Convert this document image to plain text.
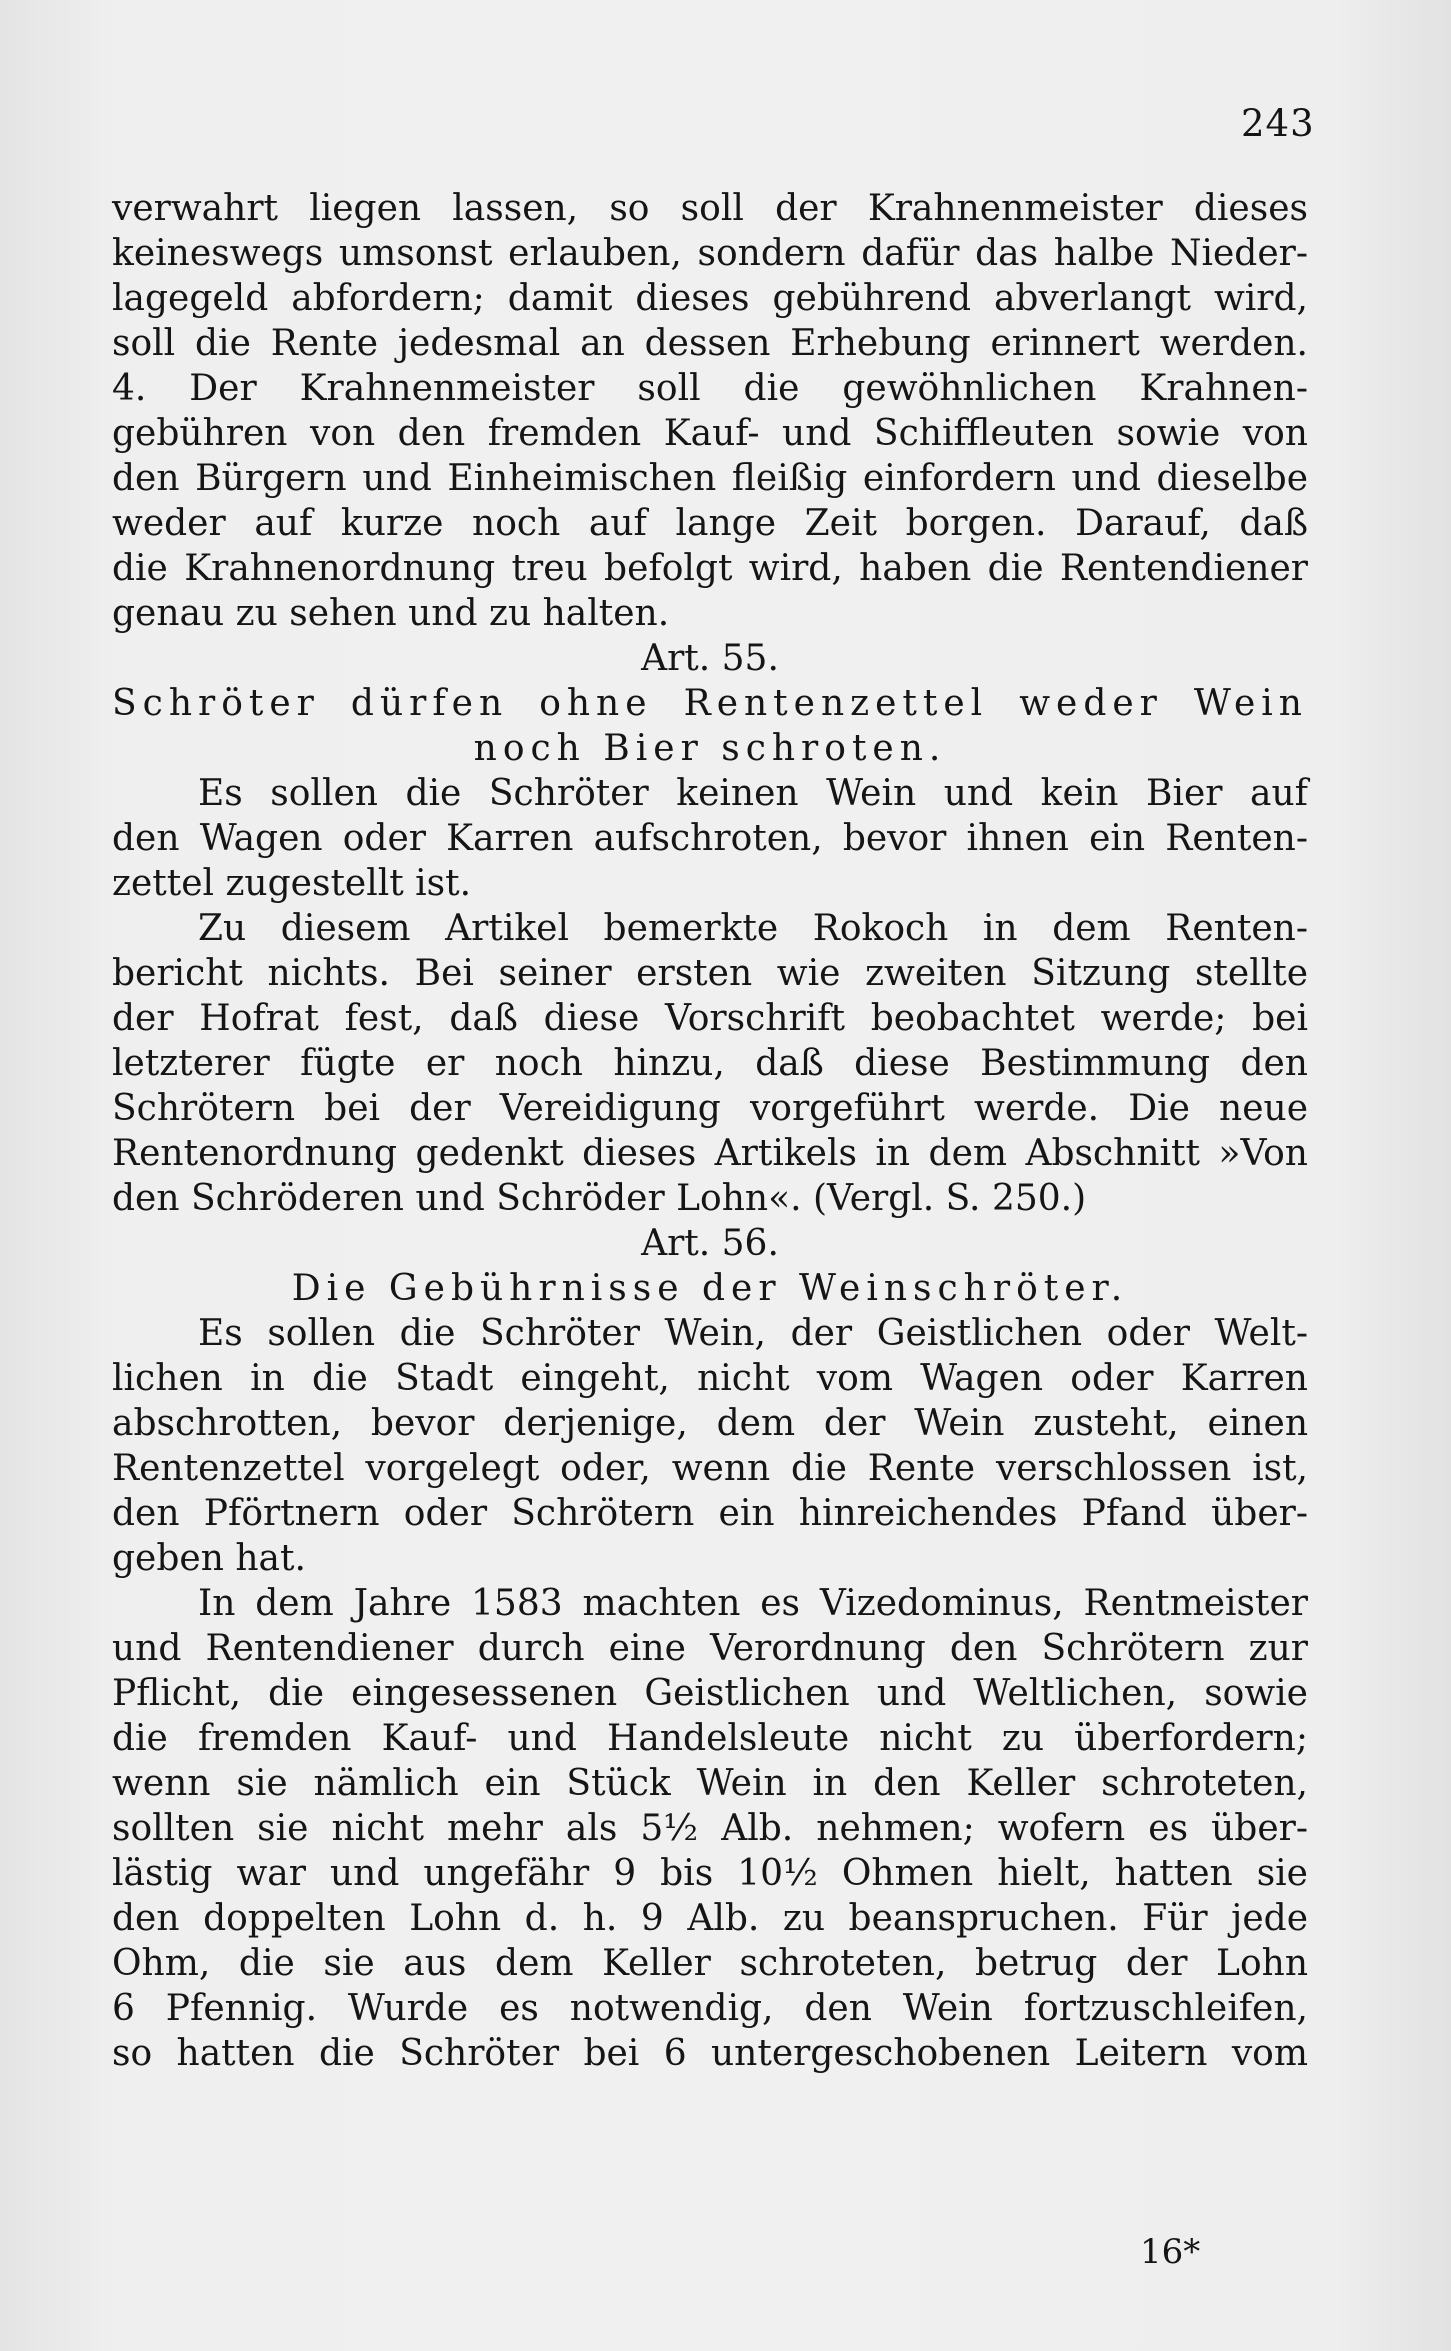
243

verwahrt liegen lassen, so soll der Krahnenmeister dieses

keineswegs umsonst erlauben, sondern dafür das halbe Nieder-

lagegeld abfordern; damit dieses gebührend abverlangt wird,

soll die Rente jedesmal an dessen Erhebung erinnert werden.

4. Der Krahnenmeister soll die gewöhnlichen Krahnen-

gebühren von den fremden Kauf- und Schiffleuten sowie von

den Bürgern und Einheimischen fleißig einfordern und dieselbe

weder auf kurze noch auf lange Zeit borgen. Darauf, daß

die Krahnenordnung treu befolgt wird, haben die Rentendiener

genau zu sehen und zu halten.

Art. 55.

Schröter dürfen ohne Rentenzettel weder Wein

noch Bier schroten.

Es sollen die Schröter keinen Wein und kein Bier auf

den Wagen oder Karren aufschroten, bevor ihnen ein Renten-

zettel zugestellt ist.

Zu diesem Artikel bemerkte Rokoch in dem Renten-

bericht nichts. Bei seiner ersten wie zweiten Sitzung stellte

der Hofrat fest, daß diese Vorschrift beobachtet werde; bei

letzterer fügte er noch hinzu, daß diese Bestimmung den

Schrötern bei der Vereidigung vorgeführt werde. Die neue

Rentenordnung gedenkt dieses Artikels in dem Abschnitt »Von

den Schröderen und Schröder Lohn«. (Vergl. S. 250.)

Art. 56.

Die Gebührnisse der Weinschröter.

Es sollen die Schröter Wein, der Geistlichen oder Welt-

lichen in die Stadt eingeht, nicht vom Wagen oder Karren

abschrotten, bevor derjenige, dem der Wein zusteht, einen

Rentenzettel vorgelegt oder, wenn die Rente verschlossen ist,

den Pförtnern oder Schrötern ein hinreichendes Pfand über-

geben hat.

In dem Jahre 1583 machten es Vizedominus, Rentmeister

und Rentendiener durch eine Verordnung den Schrötern zur

Pflicht, die eingesessenen Geistlichen und Weltlichen, sowie

die fremden Kauf- und Handelsleute nicht zu überfordern;

wenn sie nämlich ein Stück Wein in den Keller schroteten,

sollten sie nicht mehr als 5½ Alb. nehmen; wofern es über-

lästig war und ungefähr 9 bis 10½ Ohmen hielt, hatten sie

den doppelten Lohn d. h. 9 Alb. zu beanspruchen. Für jede

Ohm, die sie aus dem Keller schroteten, betrug der Lohn

6 Pfennig. Wurde es notwendig, den Wein fortzuschleifen,

so hatten die Schröter bei 6 untergeschobenen Leitern vom

16*
